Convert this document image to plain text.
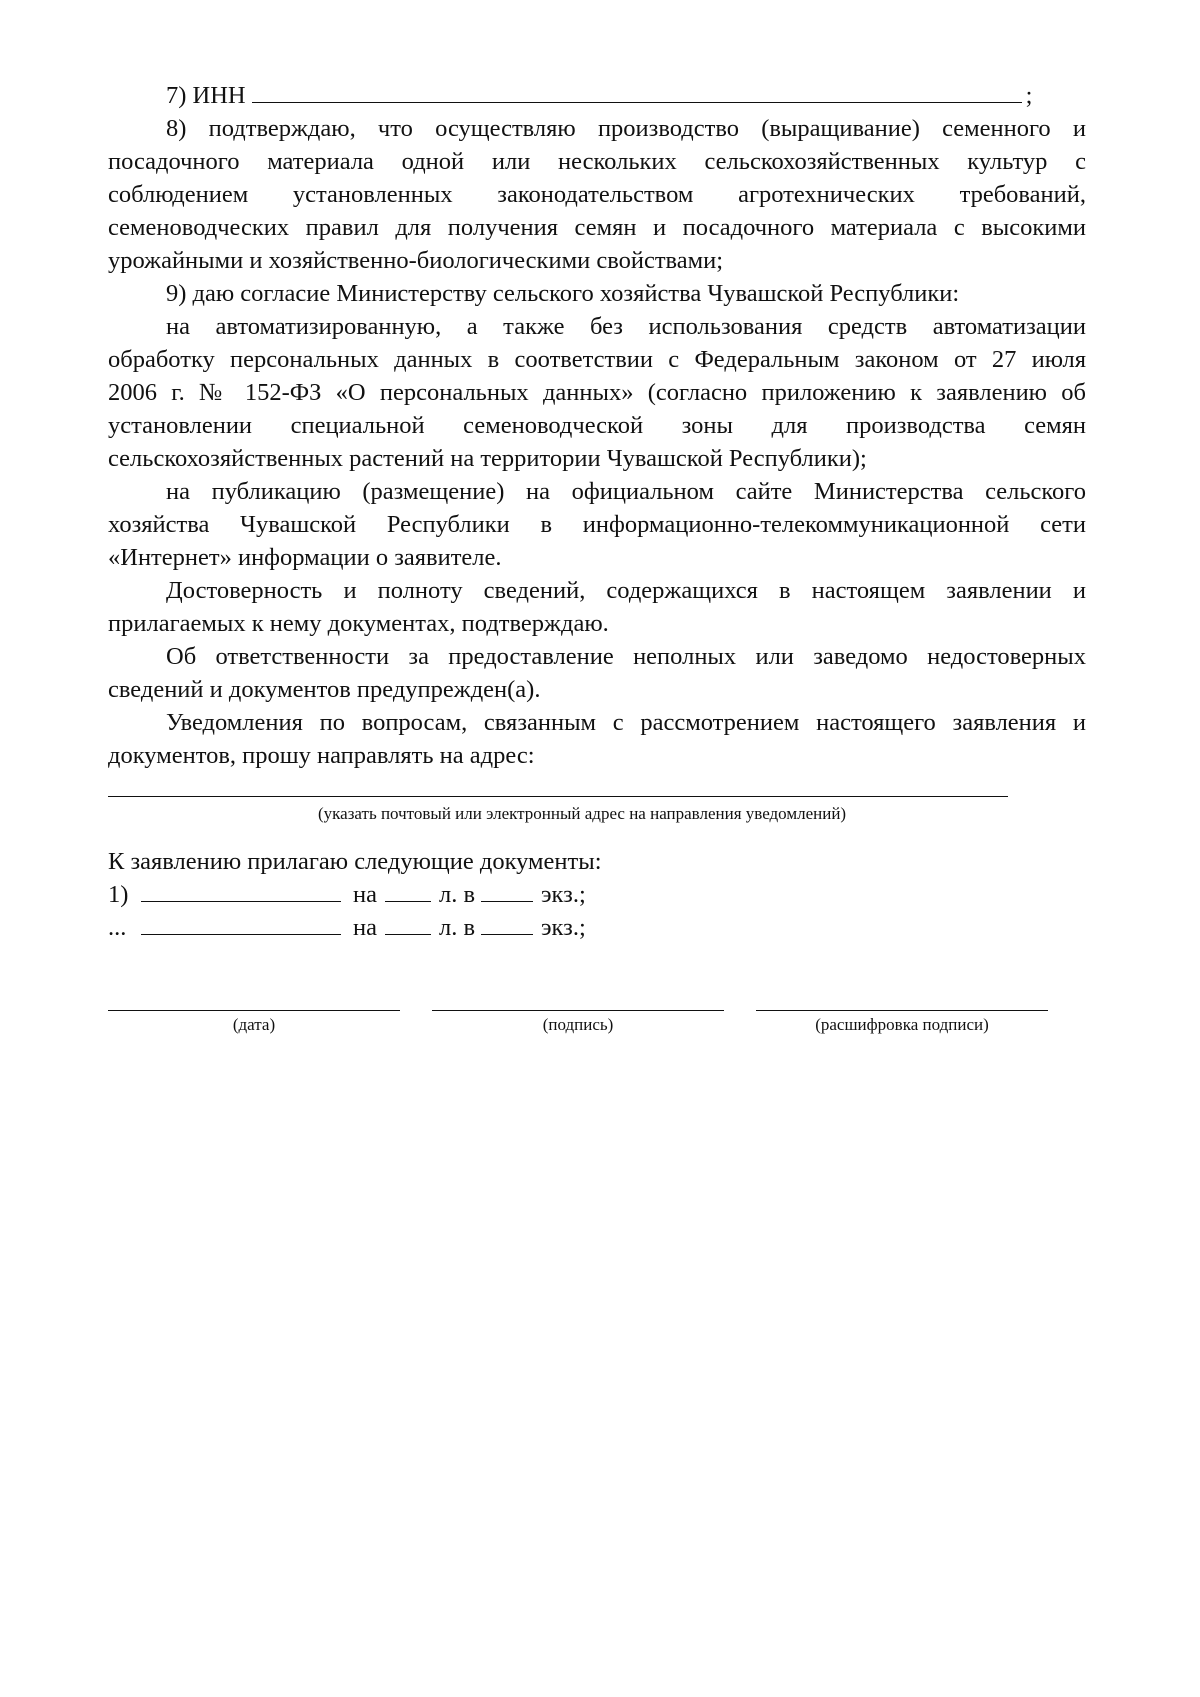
7) ИНН	;

8) подтверждаю, что осуществляю производство (выращивание) семенного и

посадочного материала одной или нескольких сельскохозяйственных культур с

соблюдением установленных законодательством агротехнических требований,

семеноводческих правил для получения семян и посадочного материала с высокими

урожайными и хозяйственно-биологическими свойствами;

9) даю согласие Министерству сельского хозяйства Чувашской Республики:

на автоматизированную, а также без использования средств автоматизации

обработку персональных данных в соответствии с Федеральным законом от 27 июля

2006 г. № 152-ФЗ «О персональных данных» (согласно приложению к заявлению об

установлении специальной семеноводческой зоны для производства семян

сельскохозяйственных растений на территории Чувашской Республики);

на публикацию (размещение) на официальном сайте Министерства сельского

хозяйства Чувашской Республики в информационно-телекоммуникационной сети

«Интернет» информации о заявителе.

Достоверность и полноту сведений, содержащихся в настоящем заявлении и

прилагаемых к нему документах, подтверждаю.

Об ответственности за предоставление неполных или заведомо недостоверных

сведений и документов предупрежден(а).

Уведомления по вопросам, связанным с рассмотрением настоящего заявления и

документов, прошу направлять на адрес:

(указать почтовый или электронный адрес на направления уведомлений)
К заявлению прилагаю следующие документы:
1)	на	л. в	экз.;
...	на	л. в	экз.;
(дата)	(подпись)	(расшифровка подписи)
